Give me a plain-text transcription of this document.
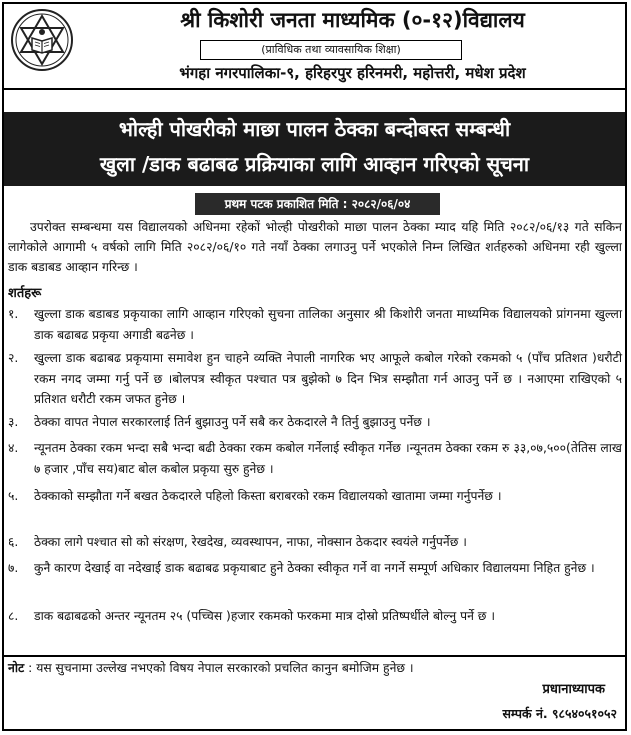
श्री किशोरी जनता माध्यमिक (०-१२)विद्यालय
(प्राविधिक तथा व्यावसायिक शिक्षा)
भंगहा नगरपालिका-९, हरिहरपुर हरिनमरी, महोत्तरी, मधेश प्रदेश
भोल्ही पोखरीको माछा पालन ठेक्का बन्दोबस्त सम्बन्धी
खुला /डाक बढाबढ प्रक्रियाका लागि आव्हान गरिएको सूचना
प्रथम पटक प्रकाशित मिति : २०८२/०६/०४

उपरोक्त सम्बन्धमा यस विद्यालयको अधिनमा रहेकों भोल्ही पोखरीको माछा पालन ठेक्का म्याद यहि मिति २०८२/०६/१३ गते सकिन लागेकोले आगामी ५ वर्षको लागि मिति २०८२/०६/१० गते नयाँ ठेक्का लगाउनु पर्ने भएकोले निम्न लिखित शर्तहरुको अधिनमा रही खुल्ला डाक बडाबड आव्हान गरिन्छ ।

शर्तहरू
१.	खुल्ला डाक बडाबड प्रकृयाका लागि आव्हान गरिएको सुचना तालिका अनुसार श्री किशोरी जनता माध्यमिक विद्यालयको प्रांगनमा खुल्ला डाक बढाबढ प्रकृया अगाडी बढनेछ ।
२.	खुल्ला डाक बढाबढ प्रकृयामा समावेश हुन चाहने व्यक्ति नेपाली नागरिक भए आफूले कबोल गरेको रकमको ५ (पाँच प्रतिशत )धरौटी रकम नगद जम्मा गर्नु पर्ने छ ।बोलपत्र स्वीकृत पश्चात पत्र बुझेको ७ दिन भित्र सम्झौता गर्न आउनु पर्ने छ । नआएमा राखिएको ५ प्रतिशत धरौटी रकम जफत हुनेछ ।
३.	ठेक्का वापत नेपाल सरकारलाई तिर्न बुझाउनु पर्ने सबै कर ठेकदारले नै तिर्नु बुझाउनु पर्नेछ ।
४.	न्यूनतम ठेक्का रकम भन्दा सबै भन्दा बढी ठेक्का रकम कबोल गर्नेलाई स्वीकृत गर्नेछ ।न्यूनतम ठेक्का रकम रु ३३,०७,५००(तेतिस लाख ७ हजार ,पाँच सय)बाट बोल कबोल प्रकृया सुरु हुनेछ ।
५.	ठेक्काको सम्झौता गर्ने बखत ठेकदारले पहिलो किस्ता बराबरको रकम विद्यालयको खातामा जम्मा गर्नुपर्नेछ ।
६.	ठेक्का लागे पश्चात सो को संरक्षण, रेखदेख, व्यवस्थापन, नाफा, नोक्सान ठेकदार स्वयंले गर्नुपर्नेछ ।
७.	कुनै कारण देखाई वा नदेखाई डाक बढाबढ प्रकृयाबाट हुने ठेक्का स्वीकृत गर्ने वा नगर्ने सम्पूर्ण अधिकार विद्यालयमा निहित हुनेछ ।
८.	डाक बढाबढको अन्तर न्यूनतम २५ (पच्चिस )हजार रकमको फरकमा मात्र दोस्रो प्रतिष्पर्धीले बोल्नु पर्ने छ ।
नोट : यस सुचनामा उल्लेख नभएको विषय नेपाल सरकारको प्रचलित कानुन बमोजिम हुनेछ ।
प्रधानाध्यापक
सम्पर्क नं. ९८५४०५१०५२
